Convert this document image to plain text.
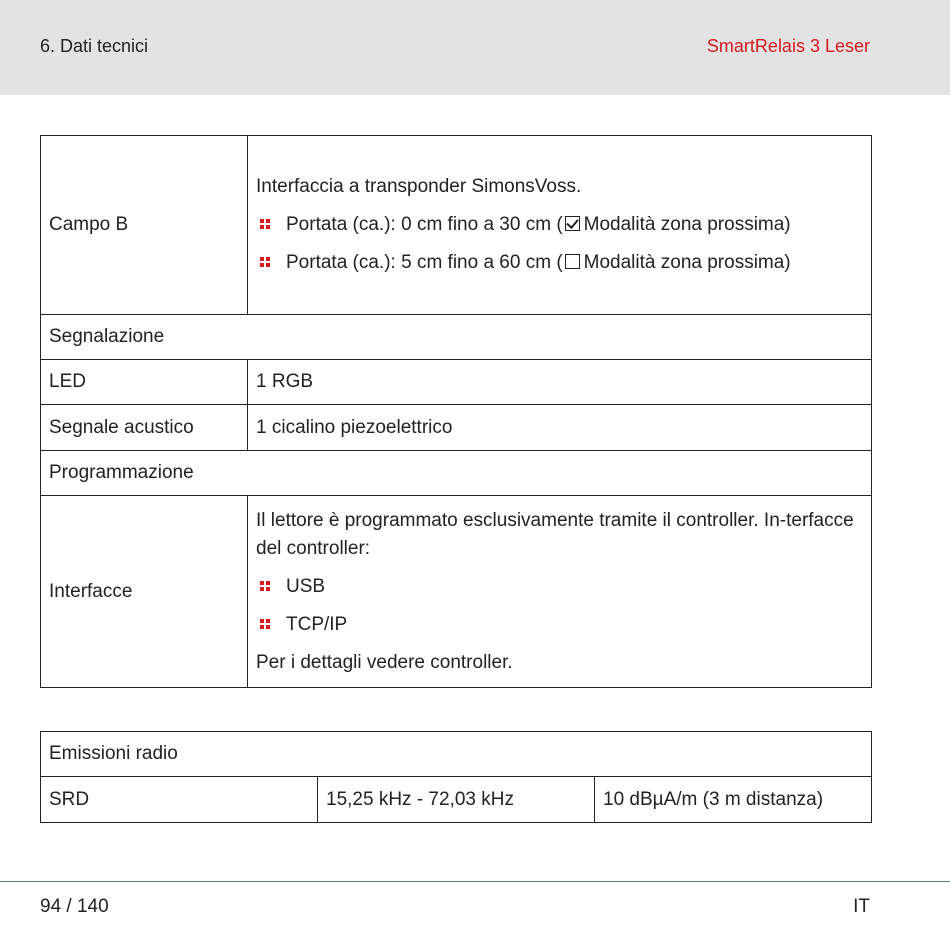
6. Dati tecnici	SmartRelais 3 Leser
Campo B	Interfaccia a transponder SimonsVoss.

Portata (ca.): 0 cm fino a 30 cm ( Modalità zona prossima)
Portata (ca.): 5 cm fino a 60 cm ( Modalità zona prossima)

Segnalazione	
LED	1 RGB
Segnale acustico	1 cicalino piezoelettrico
Programmazione	
Interfacce	Il lettore è programmato esclusivamente tramite il controller. In-terfacce del controller:

USB
TCP/IP

Per i dettagli vedere controller.

Emissioni radio
SRD	15,25 kHz - 72,03 kHz	10 dBµA/m (3 m distanza)
94 / 140	IT
